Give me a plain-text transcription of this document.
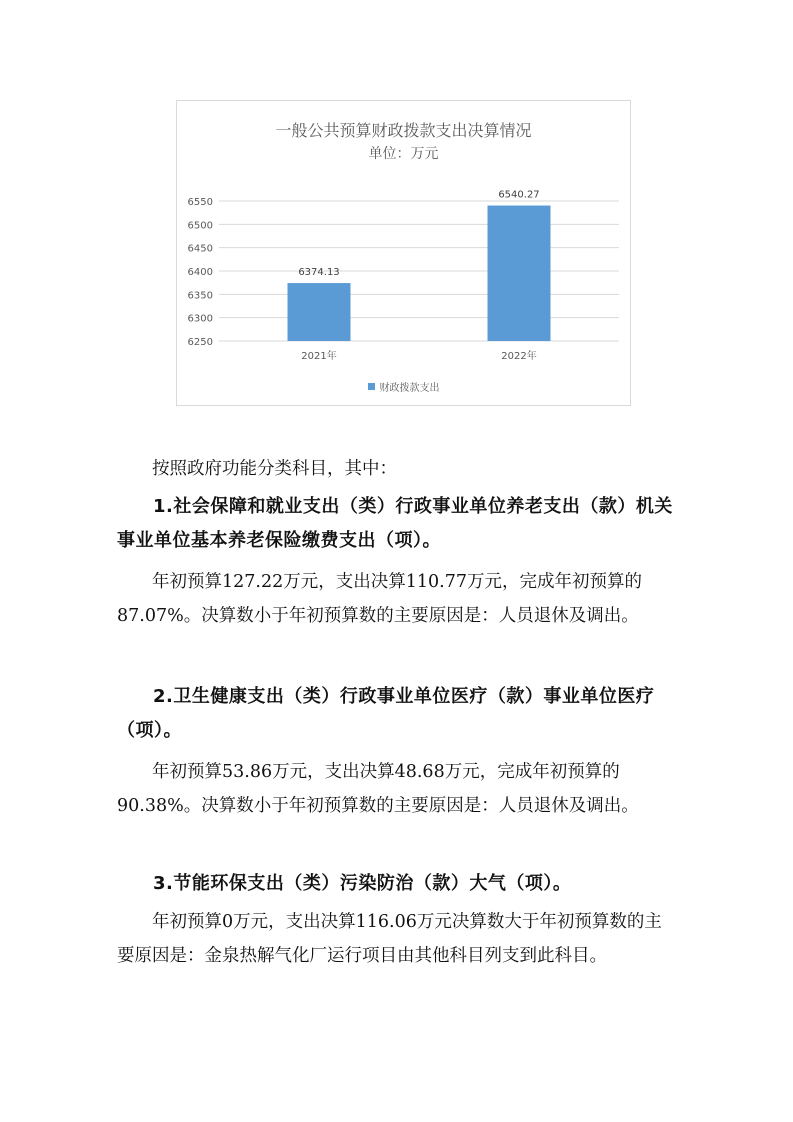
一般公共预算财政拨款支出决算情况
单位：万元
6250
6300
6350
6400
6450
6500
6550
6374.13
2021年
6540.27
2022年
财政拨款支出
按照政府功能分类科目，其中：
1.社会保障和就业支出（类）行政事业单位养老支出（款）机关事业单位基本养老保险缴费支出（项）。
年初预算127.22万元，支出决算110.77万元，完成年初预算的87.07%。决算数小于年初预算数的主要原因是：人员退休及调出。
2.卫生健康支出（类）行政事业单位医疗（款）事业单位医疗（项）。
年初预算53.86万元，支出决算48.68万元，完成年初预算的90.38%。决算数小于年初预算数的主要原因是：人员退休及调出。
3.节能环保支出（类）污染防治（款）大气（项）。
年初预算0万元，支出决算116.06万元决算数大于年初预算数的主要原因是：金泉热解气化厂运行项目由其他科目列支到此科目。
